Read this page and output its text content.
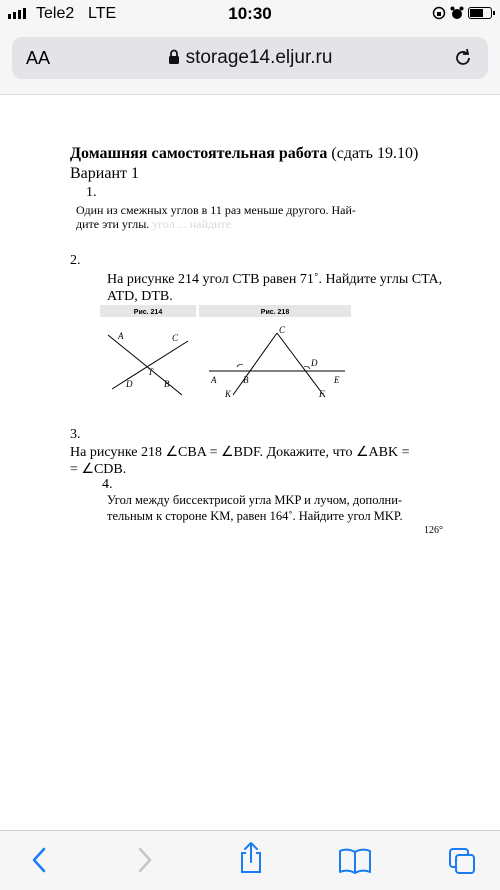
Tele2 LTE	10:30
AA	storage14.eljur.ru
Домашняя самостоятельная работа (сдать 19.10)
Вариант 1
1.
Один из смежных углов в 11 раз меньше другого. Най-
дите эти углы. угол ... найдите
2.
На рисунке 214 угол CTB равен 71˚. Найдите углы CTA,
ATD, DTB.
Рис. 214
A	C
T
D	B
Рис. 218
C
D
A	B	E
K	F
3.
На рисунке 218 ∠CBA = ∠BDF. Докажите, что ∠ABK =
= ∠CDB.
4.
Угол между биссектрисой угла MKP и лучом, дополни-
тельным к стороне KM, равен 164˚. Найдите угол MKP.
126°
